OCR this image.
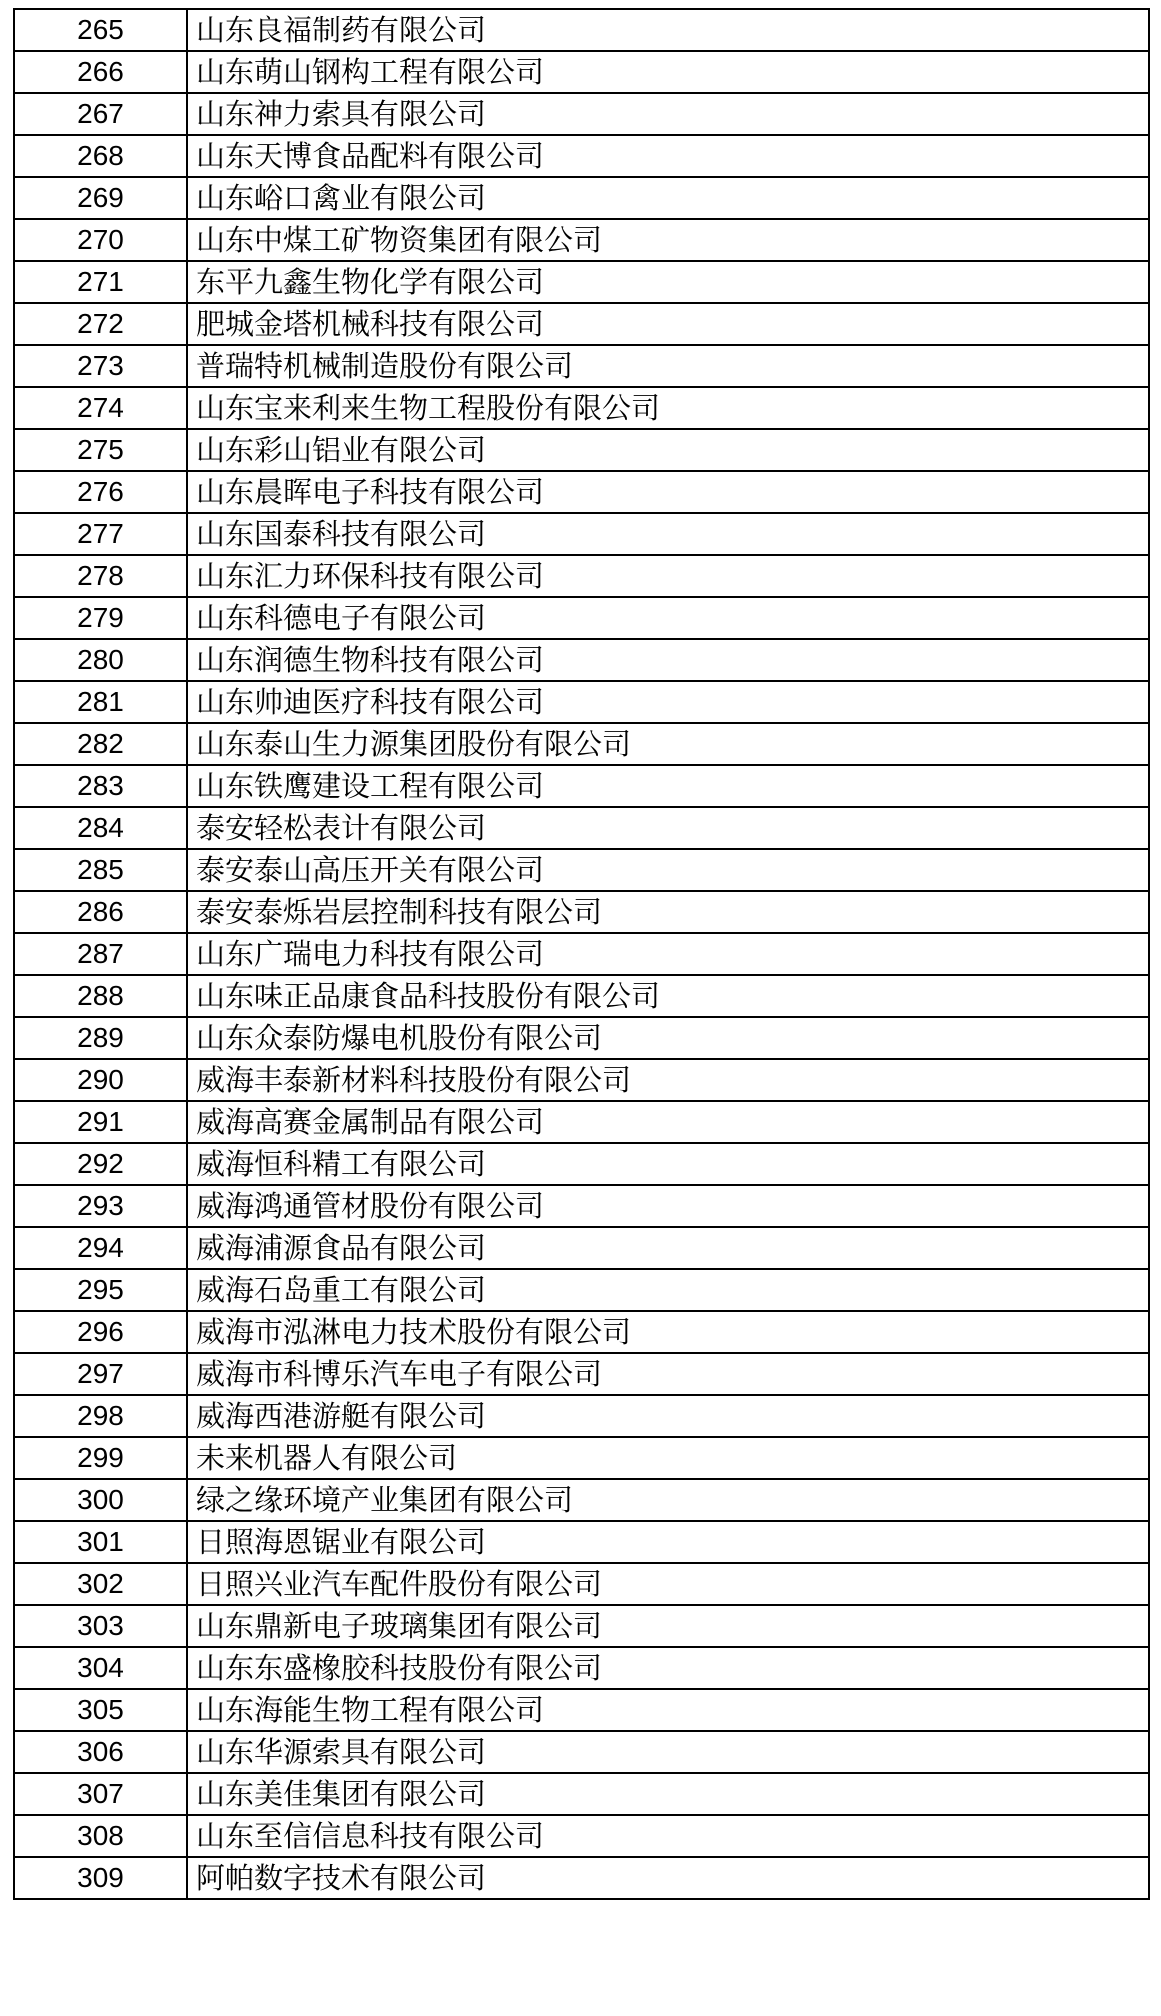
265	山东良福制药有限公司
266	山东萌山钢构工程有限公司
267	山东神力索具有限公司
268	山东天博食品配料有限公司
269	山东峪口禽业有限公司
270	山东中煤工矿物资集团有限公司
271	东平九鑫生物化学有限公司
272	肥城金塔机械科技有限公司
273	普瑞特机械制造股份有限公司
274	山东宝来利来生物工程股份有限公司
275	山东彩山铝业有限公司
276	山东晨晖电子科技有限公司
277	山东国泰科技有限公司
278	山东汇力环保科技有限公司
279	山东科德电子有限公司
280	山东润德生物科技有限公司
281	山东帅迪医疗科技有限公司
282	山东泰山生力源集团股份有限公司
283	山东铁鹰建设工程有限公司
284	泰安轻松表计有限公司
285	泰安泰山高压开关有限公司
286	泰安泰烁岩层控制科技有限公司
287	山东广瑞电力科技有限公司
288	山东味正品康食品科技股份有限公司
289	山东众泰防爆电机股份有限公司
290	威海丰泰新材料科技股份有限公司
291	威海高赛金属制品有限公司
292	威海恒科精工有限公司
293	威海鸿通管材股份有限公司
294	威海浦源食品有限公司
295	威海石岛重工有限公司
296	威海市泓淋电力技术股份有限公司
297	威海市科博乐汽车电子有限公司
298	威海西港游艇有限公司
299	未来机器人有限公司
300	绿之缘环境产业集团有限公司
301	日照海恩锯业有限公司
302	日照兴业汽车配件股份有限公司
303	山东鼎新电子玻璃集团有限公司
304	山东东盛橡胶科技股份有限公司
305	山东海能生物工程有限公司
306	山东华源索具有限公司
307	山东美佳集团有限公司
308	山东至信信息科技有限公司
309	阿帕数字技术有限公司
